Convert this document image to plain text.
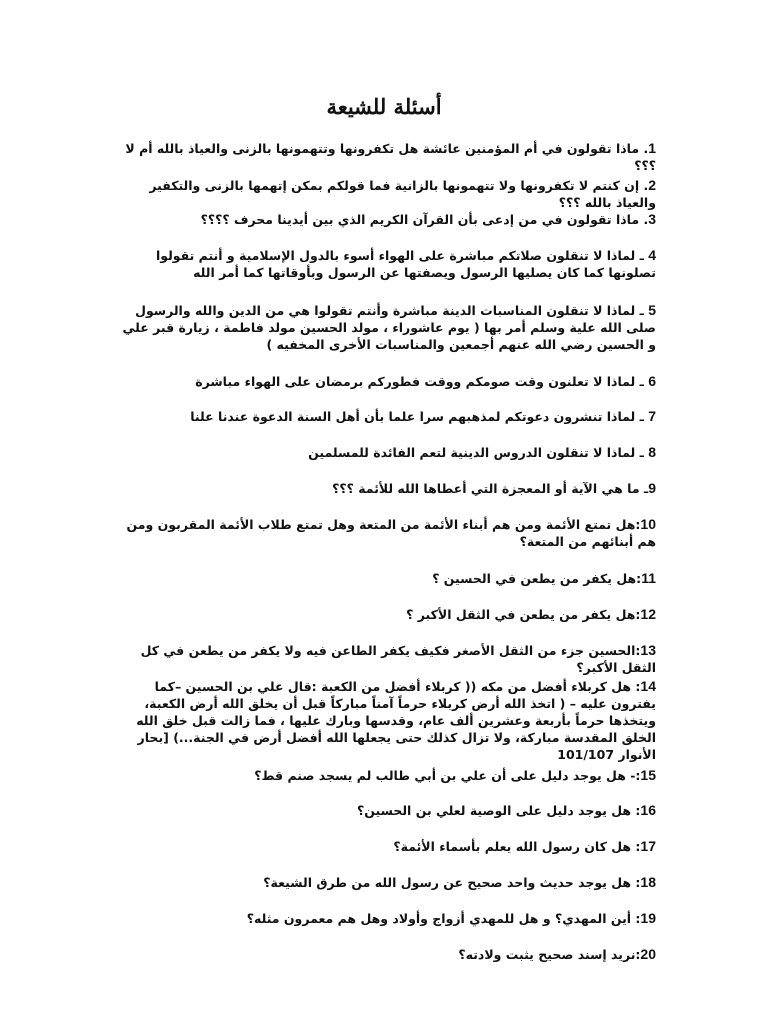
أسئلة للشيعة
1. ماذا تقولون في أم المؤمنين عائشة هل تكفرونها وتتهمونها بالزنى والعياذ بالله أم لا ؟؟؟
2. إن كنتم لا تكفرونها ولا تتهمونها بالزانية فما قولكم بمكن إتهمها بالزنى والتكفير والعياذ بالله ؟؟؟
3. ماذا تقولون في من إدعى بأن القرآن الكريم الذي بين أيدينا محرف ؟؟؟؟
4 ـ لماذا لا تنقلون صلاتكم مباشرة على الهواء أسوء بالدول الإسلامية و أنتم تقولوا تصلونها كما كان يصليها الرسول ويصفتها عن الرسول وبأوقاتها كما أمر الله
5 ـ لماذا لا تنقلون المناسبات الدينة مباشرة وأنتم تقولوا هي من الدين والله والرسول صلى الله علية وسلم أمر بها ( يوم عاشوراء ، مولد الحسين مولد فاطمة ، زيارة قبر علي و الحسين رضي الله عنهم أجمعين والمناسبات الأخرى المخفيه )
6 ـ لماذا لا تعلنون وقت صومكم ووقت فطوركم برمضان على الهواء مباشرة
7 ـ لماذا تنشرون دعوتكم لمذهبهم سرا علما بأن أهل السنة الدعوة عندنا علنا
8 ـ لماذا لا تنقلون الدروس الدينية لتعم الفائدة للمسلمين
9ـ ما هي الآية أو المعجزة التي أعطاها الله للأئمة ؟؟؟
10:هل تمتع الأئمة ومن هم أبناء الأئمة من المتعة وهل تمتع طلاب الأئمة المقربون ومن هم أبنائهم من المتعة؟
11:هل يكفر من يطعن في الحسين ؟
12:هل يكفر من يطعن في الثقل الأكبر ؟
13:الحسين جزء من الثقل الأصغر فكيف يكفر الطاعن فيه ولا يكفر من يطعن في كل الثقل الأكبر؟
14: هل كربلاء أفضل من مكه (( كربلاء أفضل من الكعبة :قال علي بن الحسين –كما يفترون عليه – ( اتخذ الله أرض كربلاء حرماً آمناً مباركاً قبل أن يخلق الله أرض الكعبة، ويتخذها حرماً بأربعة وعشرين ألف عام، وقدسها وبارك عليها ، فما زالت قبل خلق الله الخلق المقدسة مباركة، ولا تزال كذلك حتى يجعلها الله أفضل أرض في الجنة...) [بحار الأنوار 101/107
15:- هل يوجد دليل على أن علي بن أبي طالب لم يسجد صنم قط؟
16: هل يوجد دليل على الوصية لعلي بن الحسين؟
17: هل كان رسول الله يعلم بأسماء الأئمة؟
18: هل يوجد حديث واحد صحيح عن رسول الله من طرق الشيعة؟
19: أين المهدي؟ و هل للمهدي أزواج وأولاد وهل هم معمرون مثله؟
20:نريد إسند صحيح يثبت ولادته؟
